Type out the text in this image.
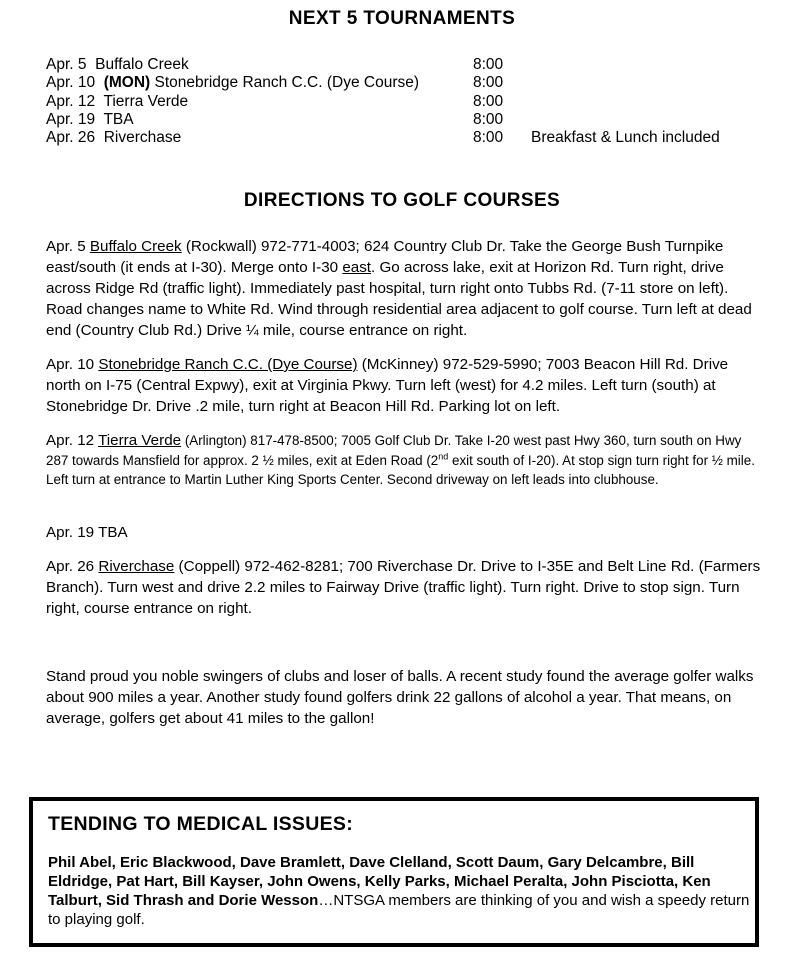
NEXT 5 TOURNAMENTS
Apr. 5  Buffalo Creek	8:00
Apr. 10  (MON) Stonebridge Ranch C.C. (Dye Course)	8:00
Apr. 12  Tierra Verde	8:00
Apr. 19  TBA	8:00
Apr. 26  Riverchase	8:00 Breakfast & Lunch included
DIRECTIONS TO GOLF COURSES
Apr. 5 Buffalo Creek (Rockwall) 972-771-4003; 624 Country Club Dr. Take the George Bush Turnpike east/south (it ends at I-30). Merge onto I-30 east. Go across lake, exit at Horizon Rd. Turn right, drive across Ridge Rd (traffic light). Immediately past hospital, turn right onto Tubbs Rd. (7-11 store on left). Road changes name to White Rd. Wind through residential area adjacent to golf course. Turn left at dead end (Country Club Rd.) Drive ¼ mile, course entrance on right.
Apr. 10 Stonebridge Ranch C.C. (Dye Course) (McKinney) 972-529-5990; 7003 Beacon Hill Rd. Drive north on I-75 (Central Expwy), exit at Virginia Pkwy. Turn left (west) for 4.2 miles. Left turn (south) at Stonebridge Dr. Drive .2 mile, turn right at Beacon Hill Rd. Parking lot on left.
Apr. 12 Tierra Verde (Arlington) 817-478-8500; 7005 Golf Club Dr. Take I-20 west past Hwy 360, turn south on Hwy 287 towards Mansfield for approx. 2 ½ miles, exit at Eden Road (2nd exit south of I-20). At stop sign turn right for ½ mile. Left turn at entrance to Martin Luther King Sports Center. Second driveway on left leads into clubhouse.
Apr. 19 TBA
Apr. 26 Riverchase (Coppell) 972-462-8281; 700 Riverchase Dr. Drive to I-35E and Belt Line Rd. (Farmers Branch). Turn west and drive 2.2 miles to Fairway Drive (traffic light). Turn right. Drive to stop sign. Turn right, course entrance on right.
Stand proud you noble swingers of clubs and loser of balls. A recent study found the average golfer walks about 900 miles a year. Another study found golfers drink 22 gallons of alcohol a year. That means, on average, golfers get about 41 miles to the gallon!
TENDING TO MEDICAL ISSUES:
Phil Abel, Eric Blackwood, Dave Bramlett, Dave Clelland, Scott Daum, Gary Delcambre, Bill Eldridge, Pat Hart, Bill Kayser, John Owens, Kelly Parks, Michael Peralta, John Pisciotta, Ken Talburt, Sid Thrash and Dorie Wesson…NTSGA members are thinking of you and wish a speedy return to playing golf.
